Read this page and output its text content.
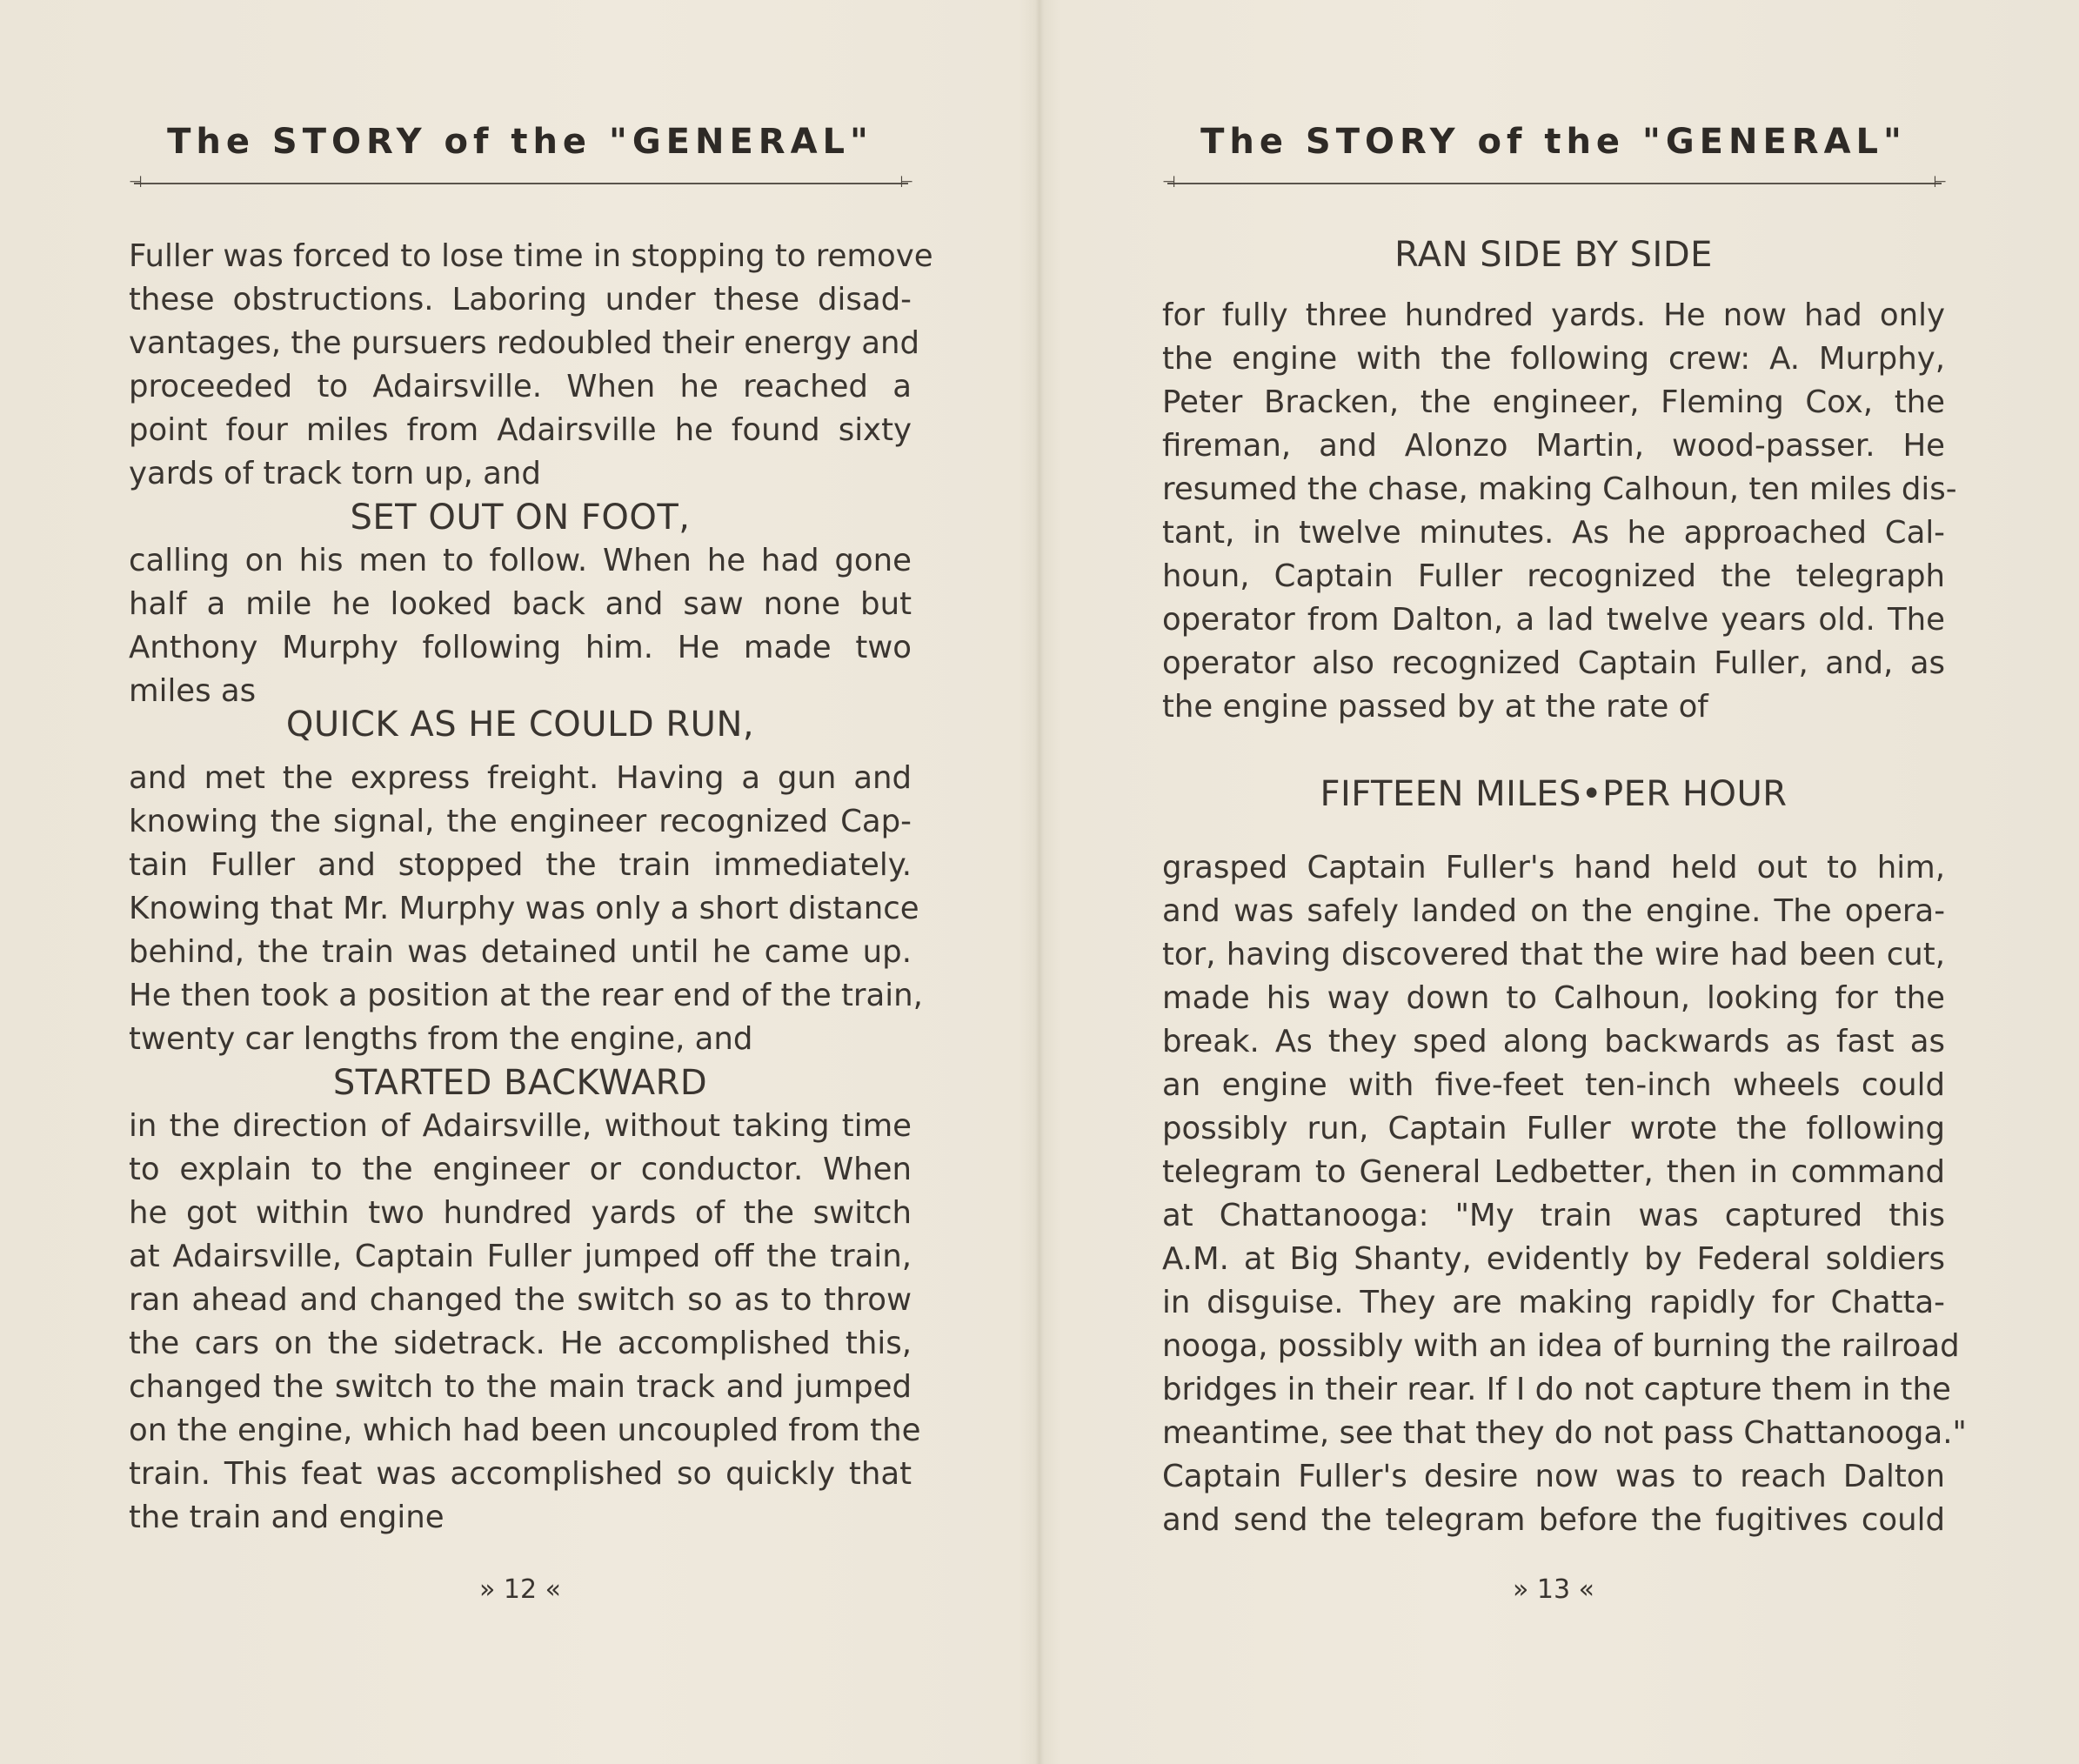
The STORY of the "GENERAL"
⊣	⊢
Fuller was forced to lose time in stopping to remove
these obstructions. Laboring under these disad-
vantages, the pursuers redoubled their energy and
proceeded to Adairsville. When he reached a
point four miles from Adairsville he found sixty
yards of track torn up, and
SET OUT ON FOOT,
calling on his men to follow. When he had gone
half a mile he looked back and saw none but
Anthony Murphy following him. He made two
miles as
QUICK AS HE COULD RUN,
and met the express freight. Having a gun and
knowing the signal, the engineer recognized Cap-
tain Fuller and stopped the train immediately.
Knowing that Mr. Murphy was only a short distance
behind, the train was detained until he came up.
He then took a position at the rear end of the train,
twenty car lengths from the engine, and
STARTED BACKWARD
in the direction of Adairsville, without taking time
to explain to the engineer or conductor. When
he got within two hundred yards of the switch
at Adairsville, Captain Fuller jumped off the train,
ran ahead and changed the switch so as to throw
the cars on the sidetrack. He accomplished this,
changed the switch to the main track and jumped
on the engine, which had been uncoupled from the
train. This feat was accomplished so quickly that
the train and engine
» 12 «
The STORY of the "GENERAL"
⊣	⊢
RAN SIDE BY SIDE
for fully three hundred yards. He now had only
the engine with the following crew: A. Murphy,
Peter Bracken, the engineer, Fleming Cox, the
fireman, and Alonzo Martin, wood-passer. He
resumed the chase, making Calhoun, ten miles dis-
tant, in twelve minutes. As he approached Cal-
houn, Captain Fuller recognized the telegraph
operator from Dalton, a lad twelve years old. The
operator also recognized Captain Fuller, and, as
the engine passed by at the rate of
FIFTEEN MILES•PER HOUR
grasped Captain Fuller's hand held out to him,
and was safely landed on the engine. The opera-
tor, having discovered that the wire had been cut,
made his way down to Calhoun, looking for the
break. As they sped along backwards as fast as
an engine with five-feet ten-inch wheels could
possibly run, Captain Fuller wrote the following
telegram to General Ledbetter, then in command
at Chattanooga: "My train was captured this
A.M. at Big Shanty, evidently by Federal soldiers
in disguise. They are making rapidly for Chatta-
nooga, possibly with an idea of burning the railroad
bridges in their rear. If I do not capture them in the
meantime, see that they do not pass Chattanooga."
Captain Fuller's desire now was to reach Dalton
and send the telegram before the fugitives could
» 13 «
